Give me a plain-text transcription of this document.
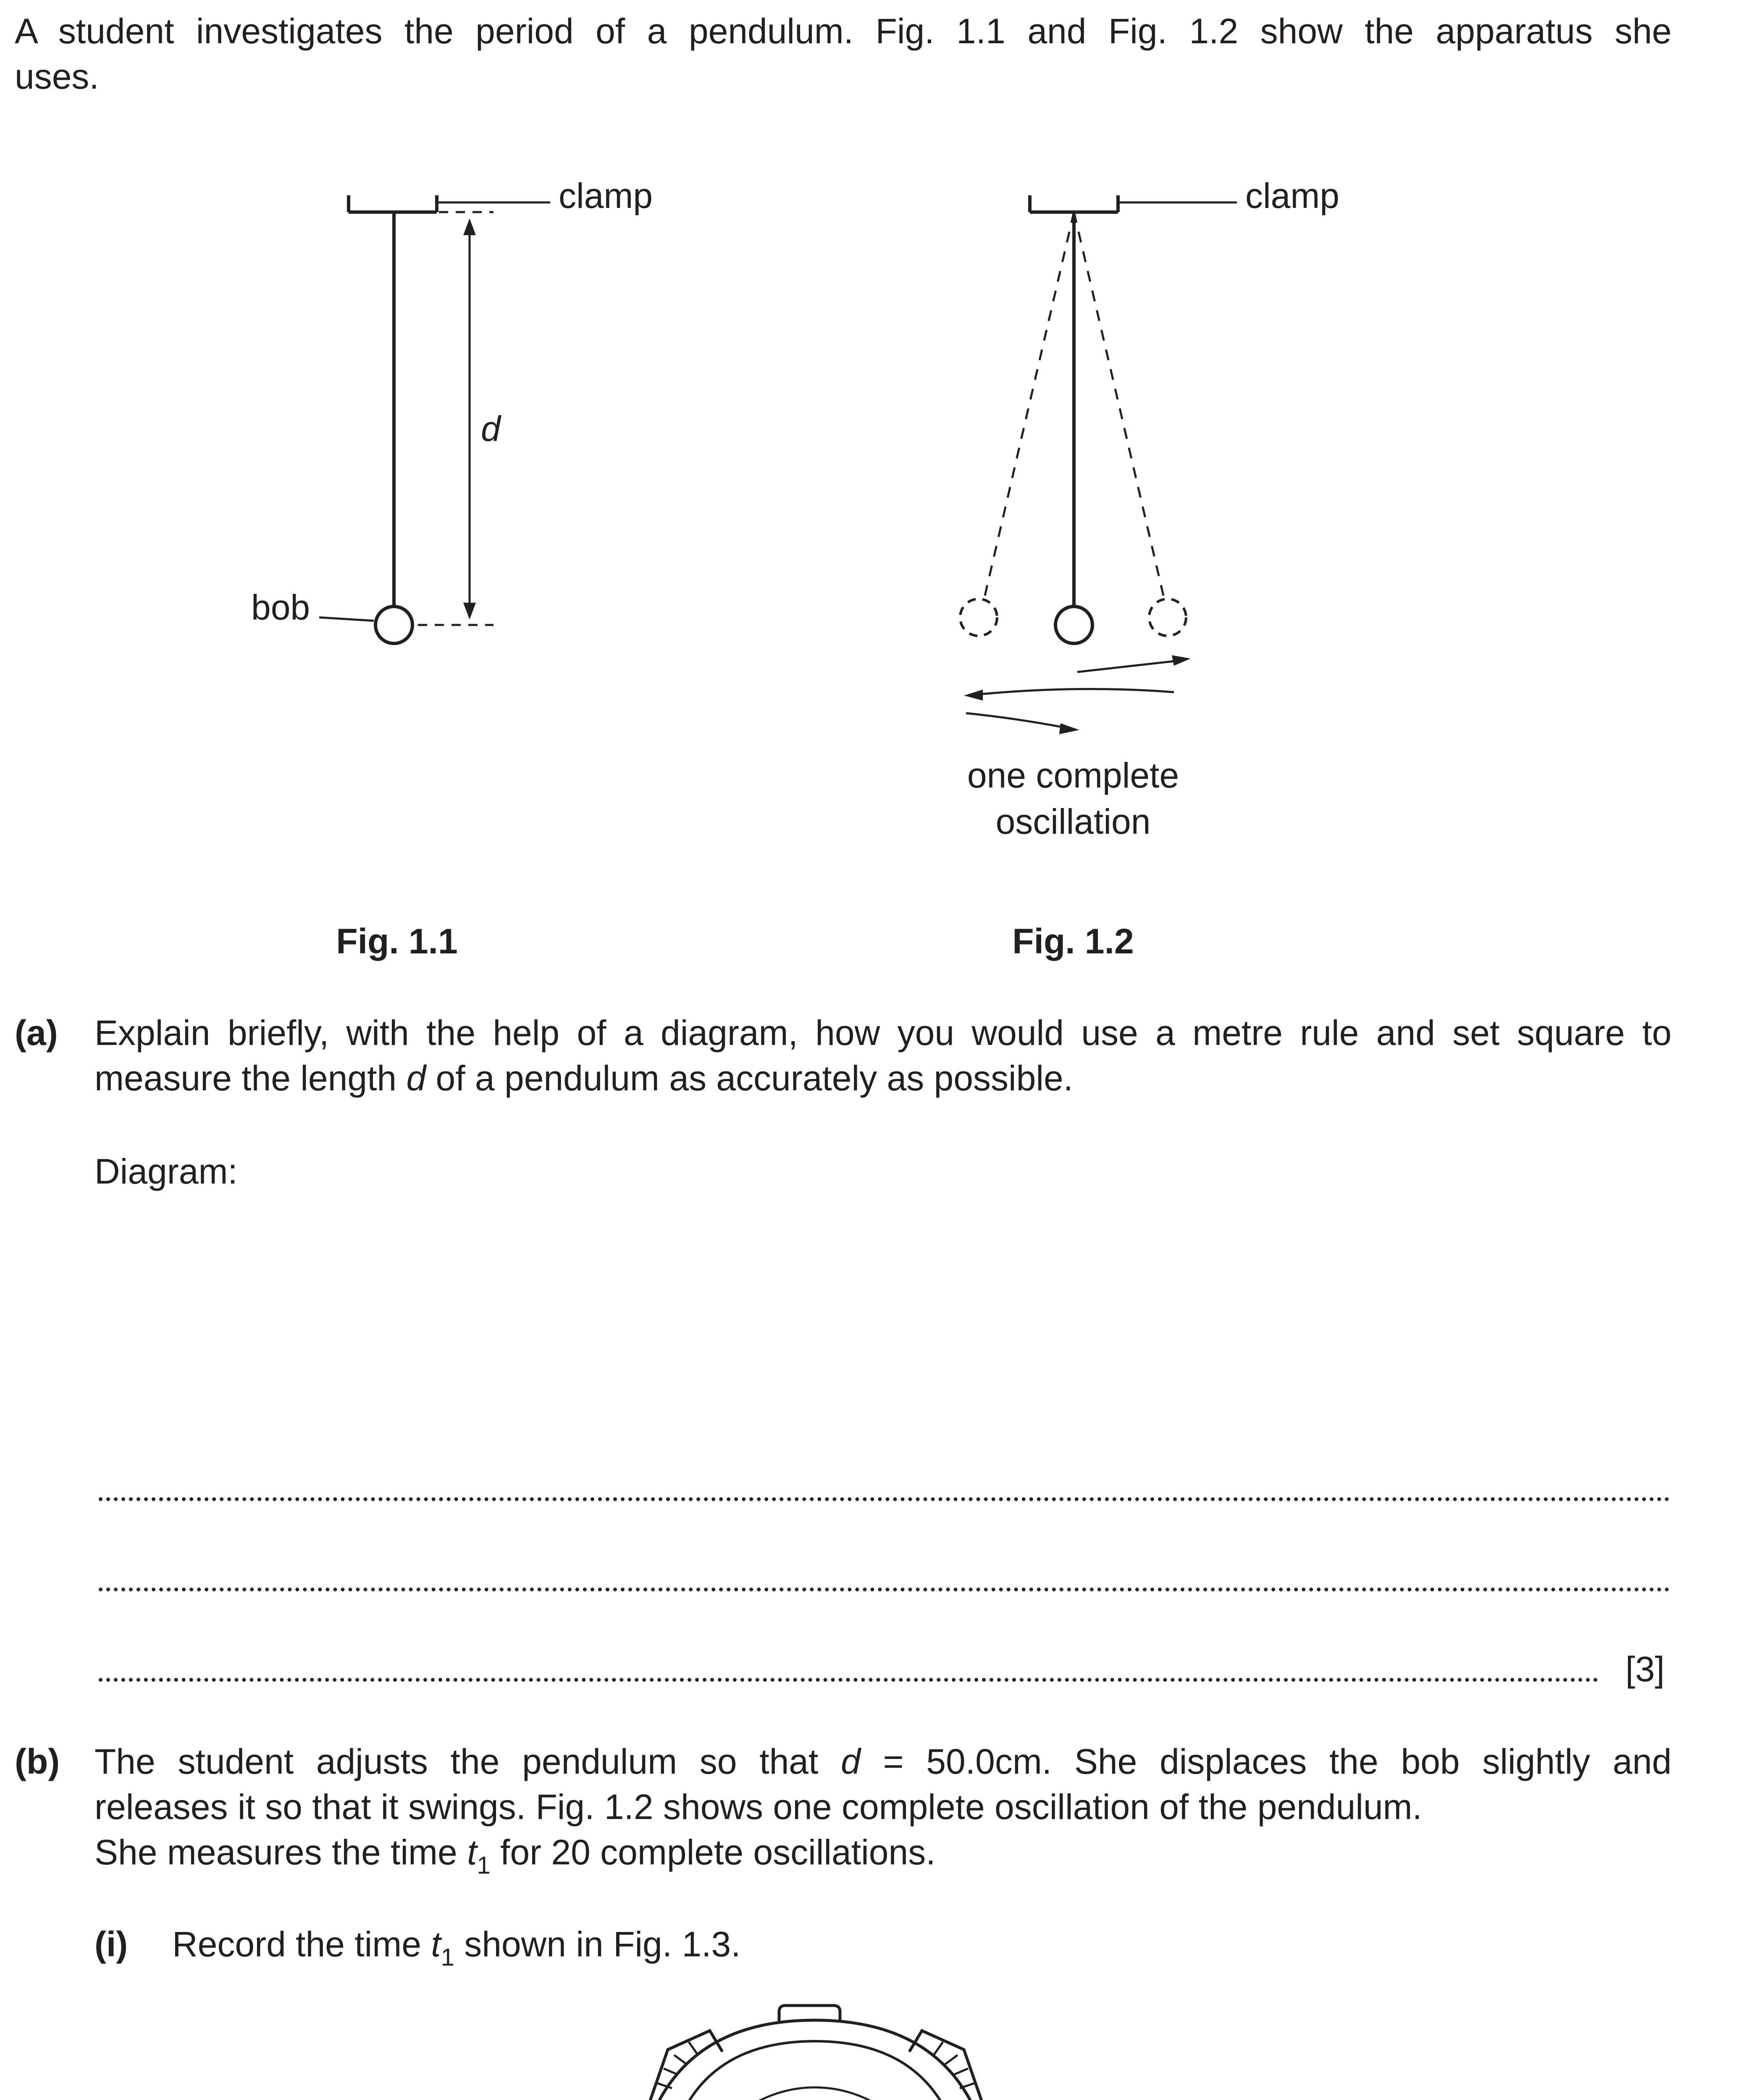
A student investigates the period of a pendulum. Fig. 1.1 and Fig. 1.2 show the apparatus she
uses.
clamp
d
bob
Fig. 1.1
clamp
one complete
oscillation
Fig. 1.2
(a) Explain briefly, with the help of a diagram, how you would use a metre rule and set square to
measure the length d of a pendulum as accurately as possible.
Diagram:
[3]
(b) The student adjusts the pendulum so that d = 50.0cm. She displaces the bob slightly and
releases it so that it swings. Fig. 1.2 shows one complete oscillation of the pendulum.
She measures the time $t_1$ for 20 complete oscillations.
(i) Record the time $t_1$ shown in Fig. 1.3.
